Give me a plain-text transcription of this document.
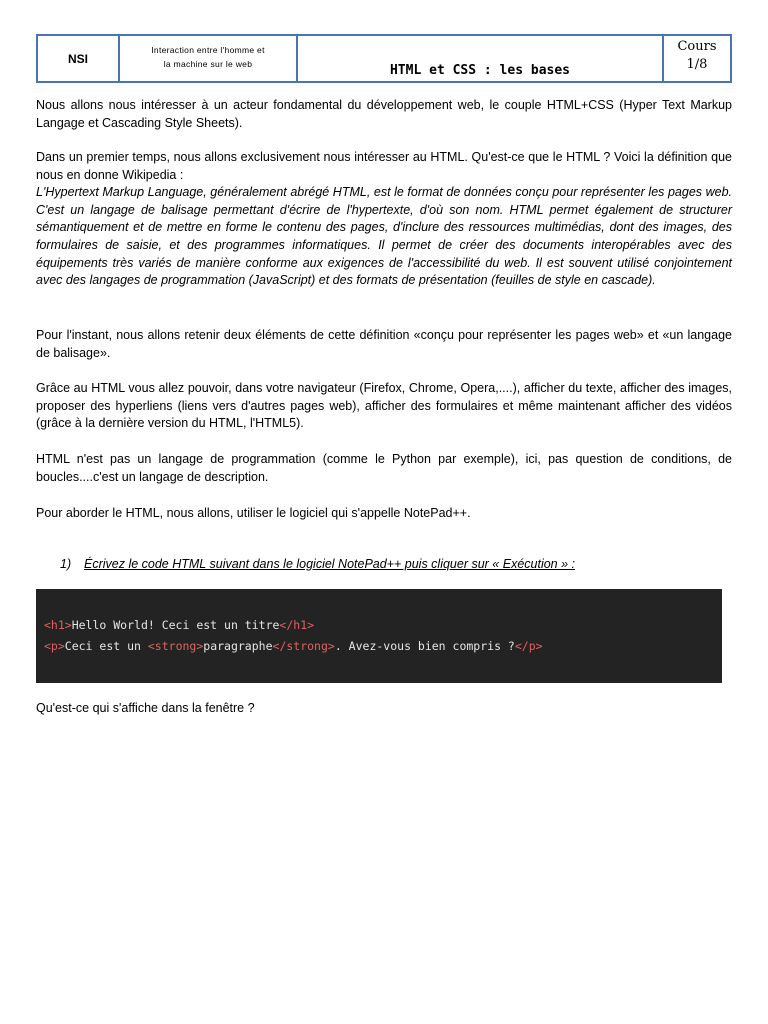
NSI
Interaction entre l'homme et
la machine sur le web	HTML et CSS : les bases
Cours
1/8

Nous allons nous intéresser à un acteur fondamental du développement web, le couple HTML+CSS (Hyper Text Markup Langage et Cascading Style Sheets).

Dans un premier temps, nous allons exclusivement nous intéresser au HTML. Qu'est-ce que le HTML ? Voici la définition que nous en donne Wikipedia :

L'Hypertext Markup Language, généralement abrégé HTML, est le format de données conçu pour représenter les pages web. C'est un langage de balisage permettant d'écrire de l'hypertexte, d'où son nom. HTML permet également de structurer sémantiquement et de mettre en forme le contenu des pages, d'inclure des ressources multimédias, dont des images, des formulaires de saisie, et des programmes informatiques. Il permet de créer des documents interopérables avec des équipements très variés de manière conforme aux exigences de l'accessibilité du web. Il est souvent utilisé conjointement avec des langages de programmation (JavaScript) et des formats de présentation (feuilles de style en cascade).

Pour l'instant, nous allons retenir deux éléments de cette définition «conçu pour représenter les pages web» et «un langage de balisage».

Grâce au HTML vous allez pouvoir, dans votre navigateur (Firefox, Chrome, Opera,....), afficher du texte, afficher des images, proposer des hyperliens (liens vers d'autres pages web), afficher des formulaires et même maintenant afficher des vidéos (grâce à la dernière version du HTML, l'HTML5).

HTML n'est pas un langage de programmation (comme le Python par exemple), ici, pas question de conditions, de boucles....c'est un langage de description.

Pour aborder le HTML, nous allons, utiliser le logiciel qui s'appelle NotePad++.

1) Écrivez le code HTML suivant dans le logiciel NotePad++ puis cliquer sur « Exécution » :
<h1>Hello World! Ceci est un titre</h1>
<p>Ceci est un <strong>paragraphe</strong>. Avez-vous bien compris ?</p>
Qu'est-ce qui s'affiche dans la fenêtre ?
